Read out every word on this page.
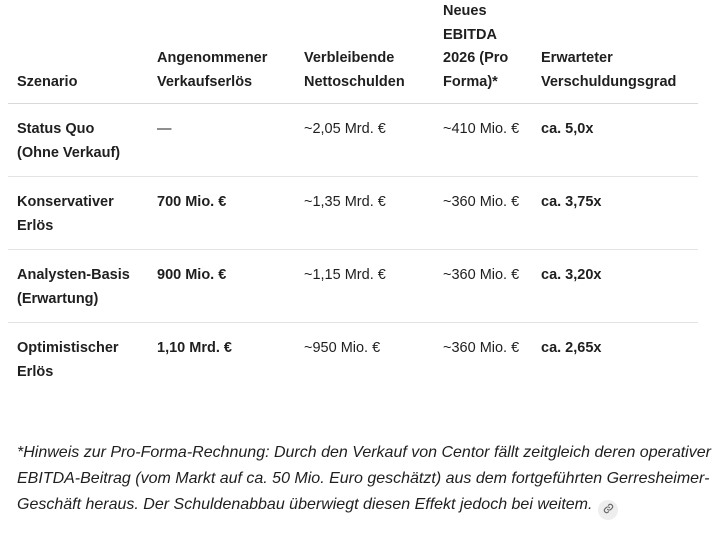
Szenario	Angenommener Verkaufserlös	Verbleibende Nettoschulden	Neues EBITDA 2026 (Pro Forma)*	Erwarteter Verschuldungsgrad
Status Quo (Ohne Verkauf)	—	~2,05 Mrd. €	~410 Mio. €	ca. 5,0x
Konservativer Erlös	700 Mio. €	~1,35 Mrd. €	~360 Mio. €	ca. 3,75x
Analysten-Basis (Erwartung)	900 Mio. €	~1,15 Mrd. €	~360 Mio. €	ca. 3,20x
Optimistischer Erlös	1,10 Mrd. €	~950 Mio. €	~360 Mio. €	ca. 2,65x

*Hinweis zur Pro-Forma-Rechnung: Durch den Verkauf von Centor fällt zeitgleich deren operativer EBITDA-Beitrag (vom Markt auf ca. 50 Mio. Euro geschätzt) aus dem fortgeführten Gerresheimer-Geschäft heraus. Der Schuldenabbau überwiegt diesen Effekt jedoch bei weitem.
